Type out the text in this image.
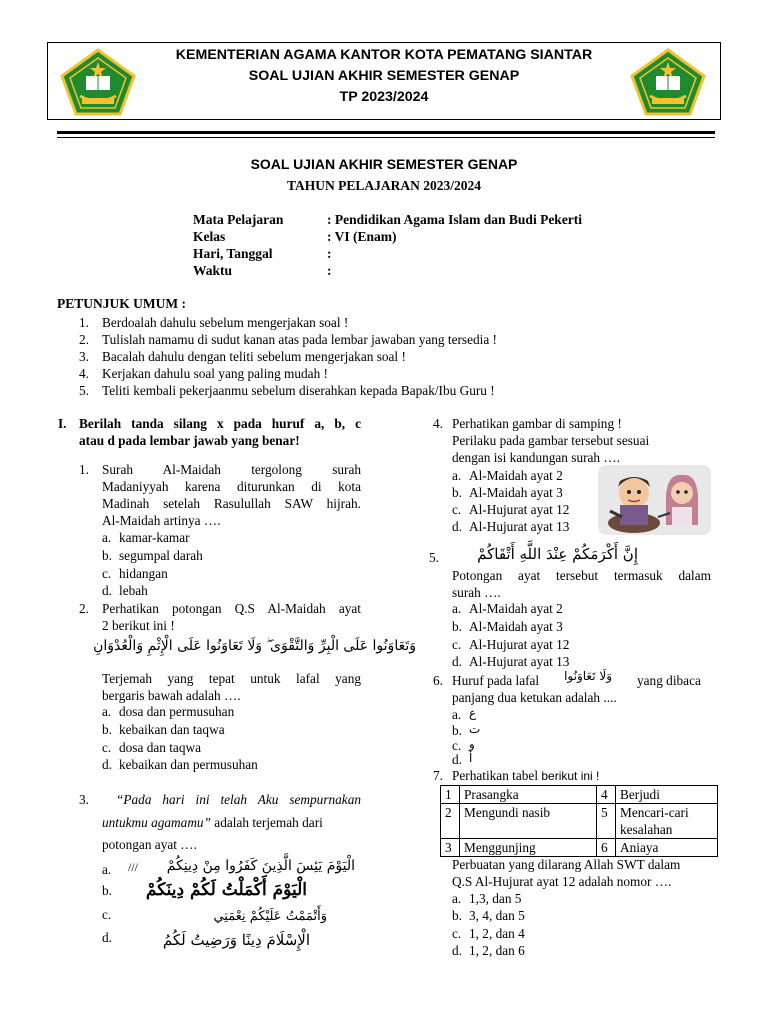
KEMENTERIAN AGAMA KANTOR KOTA PEMATANG SIANTAR
SOAL UJIAN AKHIR SEMESTER GENAP
TP 2023/2024
SOAL UJIAN AKHIR SEMESTER GENAP
TAHUN PELAJARAN 2023/2024
Mata Pelajaran	: Pendidikan Agama Islam dan Budi Pekerti
Kelas	: VI (Enam)
Hari, Tanggal	:
Waktu	:
PETUNJUK UMUM :
1. Berdoalah dahulu sebelum mengerjakan soal !
2. Tulislah namamu di sudut kanan atas pada lembar jawaban yang tersedia !
3. Bacalah dahulu dengan teliti sebelum mengerjakan soal !
4. Kerjakan dahulu soal yang paling mudah !
5. Teliti kembali pekerjaanmu sebelum diserahkan kepada Bapak/Ibu Guru !
I. Berilah tanda silang x pada huruf a, b, c
atau d pada lembar jawab yang benar!
1. Surah Al-Maidah tergolong surah
Madaniyyah karena diturunkan di kota
Madinah setelah Rasulullah SAW hijrah.
Al-Maidah artinya ….
a. kamar-kamar
b. segumpal darah
c. hidangan
d. lebah
2. Perhatikan potongan Q.S Al-Maidah ayat
2 berikut ini !
وَتَعَاوَنُوا عَلَى الْبِرِّ وَالتَّقْوَى ۖ وَلَا تَعَاوَنُوا عَلَى الْإِثْمِ وَالْعُدْوَانِ
Terjemah yang tepat untuk lafal yang
bergaris bawah adalah ….
a. dosa dan permusuhan
b. kebaikan dan taqwa
c. dosa dan taqwa
d. kebaikan dan permusuhan
3. “Pada hari ini telah Aku sempurnakan
untukmu agamamu” adalah terjemah dari
potongan ayat ….
a. /// الْيَوْمَ يَئِسَ الَّذِينَ كَفَرُوا مِنْ دِينِكُمْ
b. الْيَوْمَ أَكْمَلْتُ لَكُمْ دِينَكُمْ
c.	وَأَتْمَمْتُ عَلَيْكُمْ نِعْمَتِي
d.	الْإِسْلَامَ دِينًا وَرَضِيتُ لَكُمُ
4. Perhatikan gambar di samping !
Perilaku pada gambar tersebut sesuai
dengan isi kandungan surah ….
a. Al-Maidah ayat 2
b. Al-Maidah ayat 3
c. Al-Hujurat ayat 12
d. Al-Hujurat ayat 13
5.	إِنَّ أَكْرَمَكُمْ عِنْدَ اللَّهِ أَتْقَاكُمْ
Potongan ayat tersebut termasuk dalam
surah ….
a. Al-Maidah ayat 2
b. Al-Maidah ayat 3
c. Al-Hujurat ayat 12
d. Al-Hujurat ayat 13
6. Huruf pada lafal وَلَا تَعَاوَنُوا yang dibaca
panjang dua ketukan adalah ....
a. ع
b. ت
c. و
d. أ
7. Perhatikan tabel berikut ini !
1	Prasangka	4	Berjudi
2	Mengundi nasib	5	Mencari-cari kesalahan
3	Menggunjing	6	Aniaya
Perbuatan yang dilarang Allah SWT dalam
Q.S Al-Hujurat ayat 12 adalah nomor ….
a. 1,3, dan 5
b. 3, 4, dan 5
c. 1, 2, dan 4
d. 1, 2, dan 6
